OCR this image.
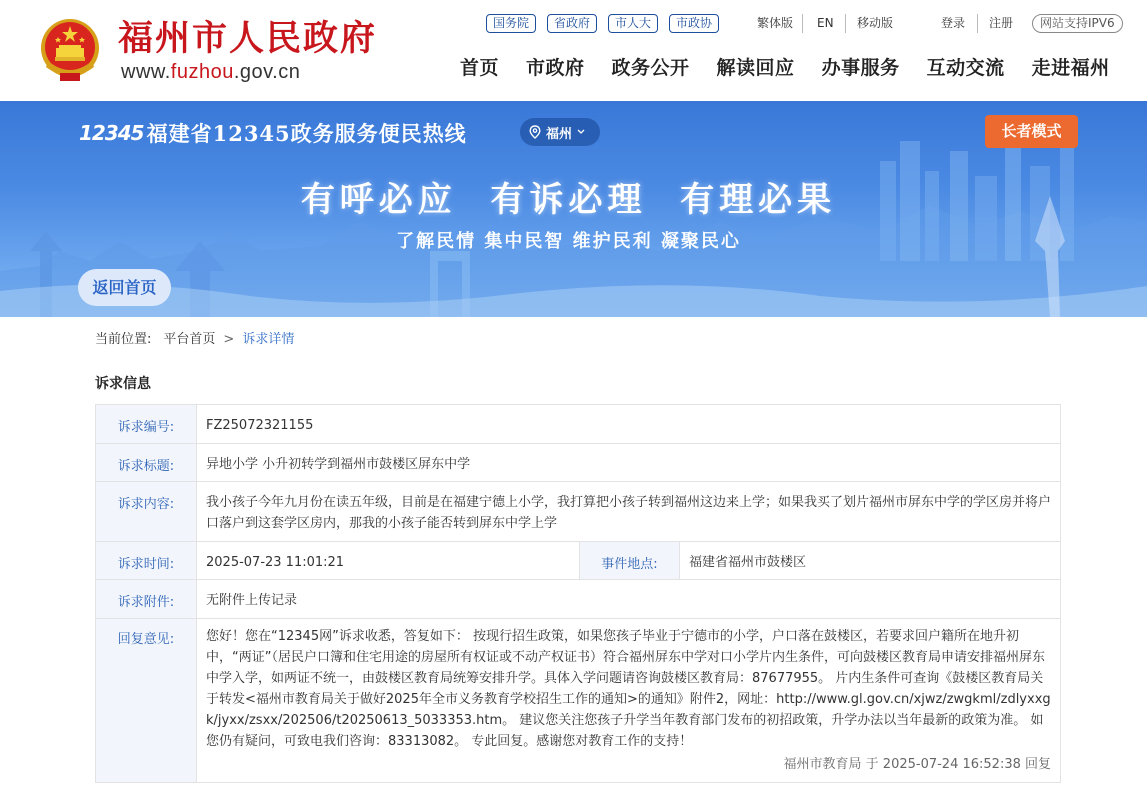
福州市人民政府
www.fuzhou.gov.cn
国务院	省政府	市人大	市政协	繁体版 EN 移动版	登录 注册	网站支持IPV6
首页 市政府 政务公开 解读回应 办事服务 互动交流 走进福州
12345 福建省12345政务服务便民热线	福州	长者模式
有呼必应  有诉必理  有理必果
了解民情 集中民智 维护民利 凝聚民心
返回首页
当前位置: 平台首页 > 诉求详情
诉求信息
诉求编号:	FZ25072321155
诉求标题:	异地小学 小升初转学到福州市鼓楼区屏东中学
诉求内容:	我小孩子今年九月份在读五年级，目前是在福建宁德上小学，我打算把小孩子转到福州这边来上学；如果我买了划片福州市屏东中学的学区房并将户口落户到这套学区房内，那我的小孩子能否转到屏东中学上学
诉求时间:	2025-07-23 11:01:21	事件地点:	福建省福州市鼓楼区
诉求附件:	无附件上传记录
回复意见:	您好！您在“12345网”诉求收悉，答复如下： 按现行招生政策，如果您孩子毕业于宁德市的小学，户口落在鼓楼区，若要求回户籍所在地升初中，“两证”（居民户口簿和住宅用途的房屋所有权证或不动产权证书）符合福州屏东中学对口小学片内生条件，可向鼓楼区教育局申请安排福州屏东中学入学，如两证不统一，由鼓楼区教育局统筹安排升学。具体入学问题请咨询鼓楼区教育局：87677955。 片内生条件可查询《鼓楼区教育局关于转发<福州市教育局关于做好2025年全市义务教育学校招生工作的通知>的通知》附件2，网址：http://www.gl.gov.cn/xjwz/zwgkml/zdlyxxgk/jyxx/zsxx/202506/t20250613_5033353.htm。 建议您关注您孩子升学当年教育部门发布的初招政策，升学办法以当年最新的政策为准。 如您仍有疑问，可致电我们咨询：83313082。 专此回复。感谢您对教育工作的支持！
福州市教育局 于 2025-07-24 16:52:38 回复
